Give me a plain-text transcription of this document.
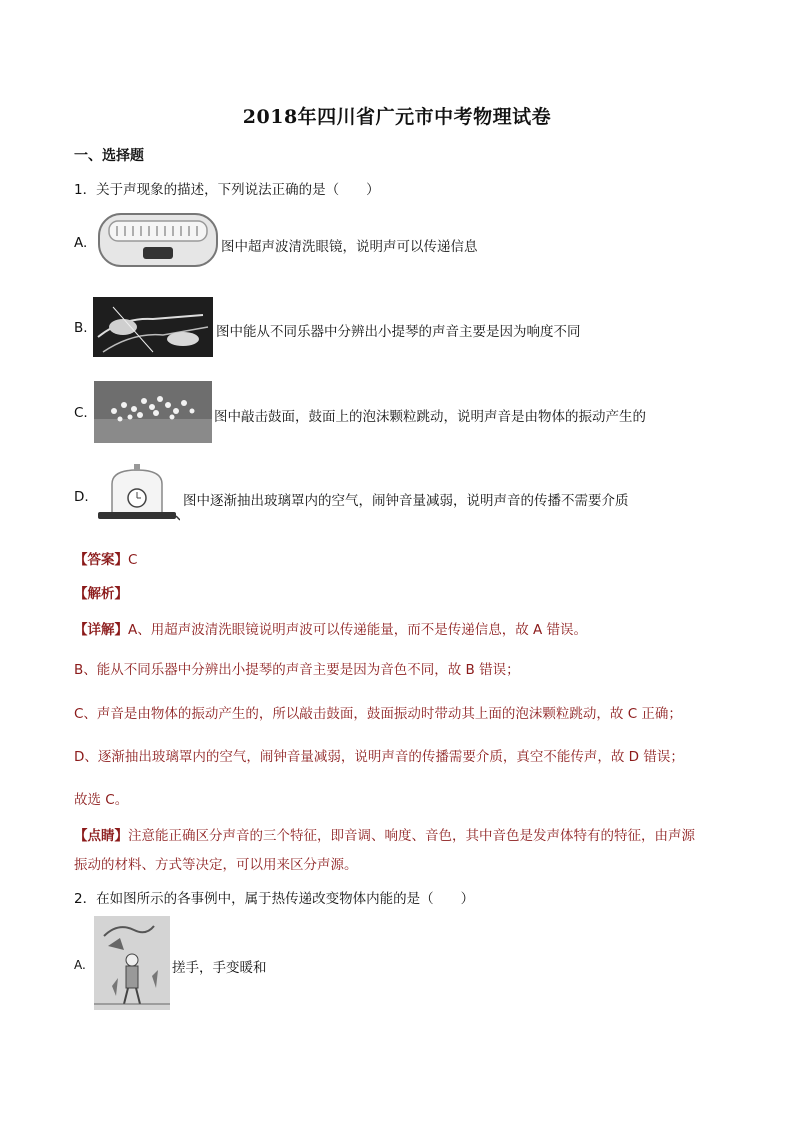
2018年四川省广元市中考物理试卷
一、选择题
1．关于声现象的描述，下列说法正确的是（　　）
A.	图中超声波清洗眼镜，说明声可以传递信息
B.	图中能从不同乐器中分辨出小提琴的声音主要是因为响度不同
C.	图中敲击鼓面，鼓面上的泡沫颗粒跳动，说明声音是由物体的振动产生的
D.	图中逐渐抽出玻璃罩内的空气，闹钟音量减弱，说明声音的传播不需要介质
【答案】C
【解析】
【详解】A、用超声波清洗眼镜说明声波可以传递能量，而不是传递信息，故 A 错误。
B、能从不同乐器中分辨出小提琴的声音主要是因为音色不同，故 B 错误；
C、声音是由物体的振动产生的，所以敲击鼓面，鼓面振动时带动其上面的泡沫颗粒跳动，故 C 正确；
D、逐渐抽出玻璃罩内的空气，闹钟音量减弱，说明声音的传播需要介质，真空不能传声，故 D 错误；
故选 C。
【点睛】注意能正确区分声音的三个特征，即音调、响度、音色，其中音色是发声体特有的特征，由声源
振动的材料、方式等决定，可以用来区分声源。
2．在如图所示的各事例中，属于热传递改变物体内能的是（　　）
A.	搓手，手变暖和
